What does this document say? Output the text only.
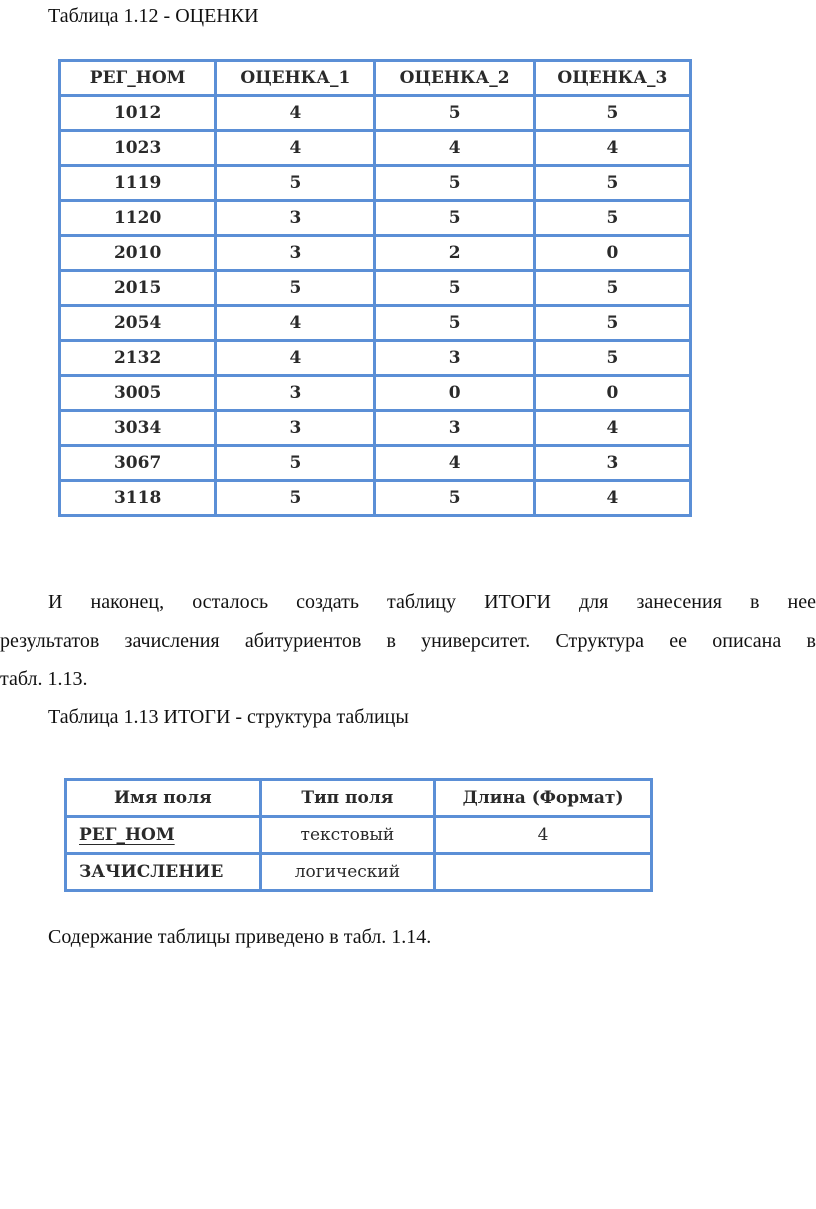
Таблица 1.12 - ОЦЕНКИ
РЕГ_НОМ	ОЦЕНКА_1	ОЦЕНКА_2	ОЦЕНКА_3
1012	4	5	5
1023	4	4	4
1119	5	5	5
1120	3	5	5
2010	3	2	0
2015	5	5	5
2054	4	5	5
2132	4	3	5
3005	3	0	0
3034	3	3	4
3067	5	4	3
3118	5	5	4
И наконец, осталось создать таблицу ИТОГИ для занесения в нее
результатов зачисления абитуриентов в университет. Структура ее описана в
табл. 1.13.
Таблица 1.13 ИТОГИ - структура таблицы
Имя поля	Тип поля	Длина (Формат)
РЕГ_НОМ	текстовый	4
ЗАЧИСЛЕНИЕ	логический	
Содержание таблицы приведено в табл. 1.14.
